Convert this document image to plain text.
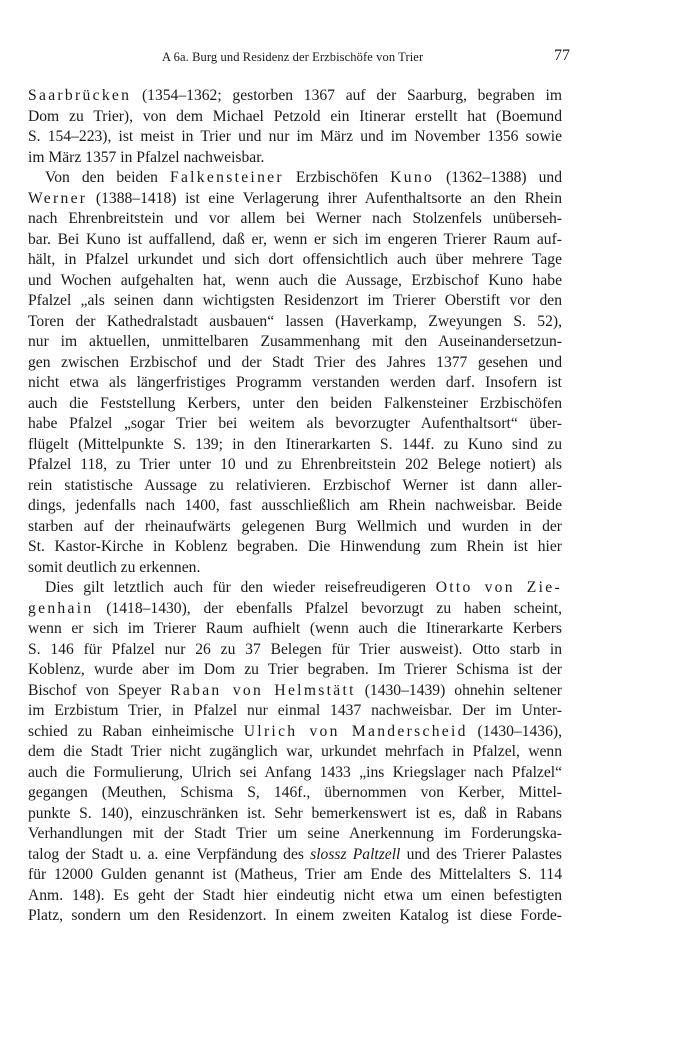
A 6a. Burg und Residenz der Erzbischöfe von Trier	77
Saarbrücken (1354–1362; gestorben 1367 auf der Saarburg, begraben im
Dom zu Trier), von dem Michael Petzold ein Itinerar erstellt hat (Boemund
S. 154–223), ist meist in Trier und nur im März und im November 1356 sowie
im März 1357 in Pfalzel nachweisbar.
Von den beiden Falkensteiner Erzbischöfen Kuno (1362–1388) und
Werner (1388–1418) ist eine Verlagerung ihrer Aufenthaltsorte an den Rhein
nach Ehrenbreitstein und vor allem bei Werner nach Stolzenfels unübersеh-
bar. Bei Kuno ist auffallend, daß er, wenn er sich im engeren Trierer Raum auf-
hält, in Pfalzel urkundet und sich dort offensichtlich auch über mehrere Tage
und Wochen aufgehalten hat, wenn auch die Aussage, Erzbischof Kuno habe
Pfalzel „als seinen dann wichtigsten Residenzort im Trierer Oberstift vor den
Toren der Kathedralstadt ausbauen“ lassen (Haverkamp, Zweyungen S. 52),
nur im aktuellen, unmittelbaren Zusammenhang mit den Auseinandersetzun-
gen zwischen Erzbischof und der Stadt Trier des Jahres 1377 gesehen und
nicht etwa als längerfristiges Programm verstanden werden darf. Insofern ist
auch die Feststellung Kerbers, unter den beiden Falkensteiner Erzbischöfen
habe Pfalzel „sogar Trier bei weitem als bevorzugter Aufenthaltsort“ über-
flügelt (Mittelpunkte S. 139; in den Itinerarkarten S. 144f. zu Kuno sind zu
Pfalzel 118, zu Trier unter 10 und zu Ehrenbreitstein 202 Belege notiert) als
rein statistische Aussage zu relativieren. Erzbischof Werner ist dann aller-
dings, jedenfalls nach 1400, fast ausschließlich am Rhein nachweisbar. Beide
starben auf der rheinaufwärts gelegenen Burg Wellmich und wurden in der
St. Kastor-Kirche in Koblenz begraben. Die Hinwendung zum Rhein ist hier
somit deutlich zu erkennen.
Dies gilt letztlich auch für den wieder reisefreudigeren Otto von Zie-
genhain (1418–1430), der ebenfalls Pfalzel bevorzugt zu haben scheint,
wenn er sich im Trierer Raum aufhielt (wenn auch die Itinerarkarte Kerbers
S. 146 für Pfalzel nur 26 zu 37 Belegen für Trier ausweist). Otto starb in
Koblenz, wurde aber im Dom zu Trier begraben. Im Trierer Schisma ist der
Bischof von Speyer Raban von Helmstätt (1430–1439) ohnehin seltener
im Erzbistum Trier, in Pfalzel nur einmal 1437 nachweisbar. Der im Unter-
schied zu Raban einheimische Ulrich von Manderscheid (1430–1436),
dem die Stadt Trier nicht zugänglich war, urkundet mehrfach in Pfalzel, wenn
auch die Formulierung, Ulrich sei Anfang 1433 „ins Kriegslager nach Pfalzel“
gegangen (Meuthen, Schisma S, 146f., übernommen von Kerber, Mittel-
punkte S. 140), einzuschränken ist. Sehr bemerkenswert ist es, daß in Rabans
Verhandlungen mit der Stadt Trier um seine Anerkennung im Forderungska-
talog der Stadt u. a. eine Verpfändung des slossz Paltzell und des Trierer Palastes
für 12000 Gulden genannt ist (Matheus, Trier am Ende des Mittelalters S. 114
Anm. 148). Es geht der Stadt hier eindeutig nicht etwa um einen befestigten
Platz, sondern um den Residenzort. In einem zweiten Katalog ist diese Forde-
